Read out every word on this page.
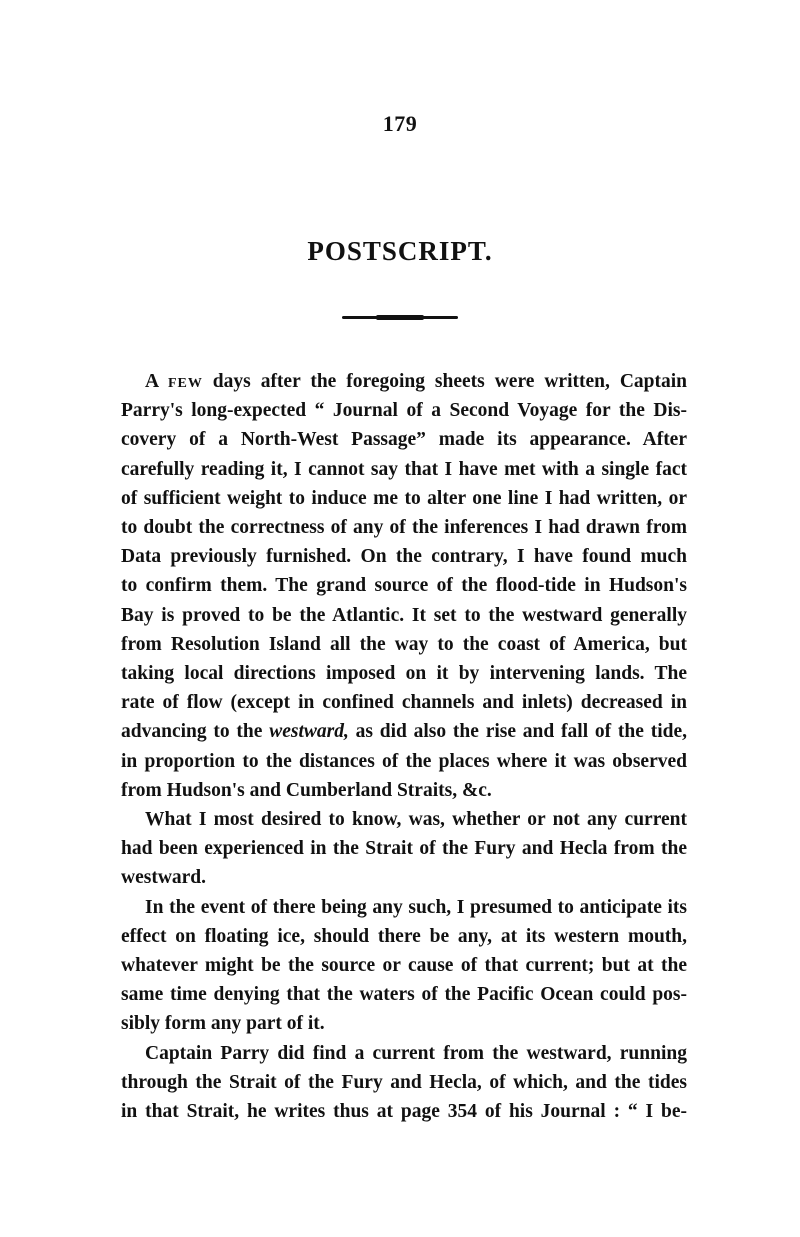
179
POSTSCRIPT.
A few days after the foregoing sheets were written, Captain
Parry's long-expected “ Journal of a Second Voyage for the Dis-
covery of a North-West Passage” made its appearance. After
carefully reading it, I cannot say that I have met with a single fact
of sufficient weight to induce me to alter one line I had written, or
to doubt the correctness of any of the inferences I had drawn from
Data previously furnished. On the contrary, I have found much
to confirm them. The grand source of the flood-tide in Hudson's
Bay is proved to be the Atlantic. It set to the westward generally
from Resolution Island all the way to the coast of America, but
taking local directions imposed on it by intervening lands. The
rate of flow (except in confined channels and inlets) decreased in
advancing to the westward, as did also the rise and fall of the tide,
in proportion to the distances of the places where it was observed
from Hudson's and Cumberland Straits, &c.
What I most desired to know, was, whether or not any current
had been experienced in the Strait of the Fury and Hecla from the
westward.
In the event of there being any such, I presumed to anticipate its
effect on floating ice, should there be any, at its western mouth,
whatever might be the source or cause of that current; but at the
same time denying that the waters of the Pacific Ocean could pos-
sibly form any part of it.
Captain Parry did find a current from the westward, running
through the Strait of the Fury and Hecla, of which, and the tides
in that Strait, he writes thus at page 354 of his Journal : “ I be-
